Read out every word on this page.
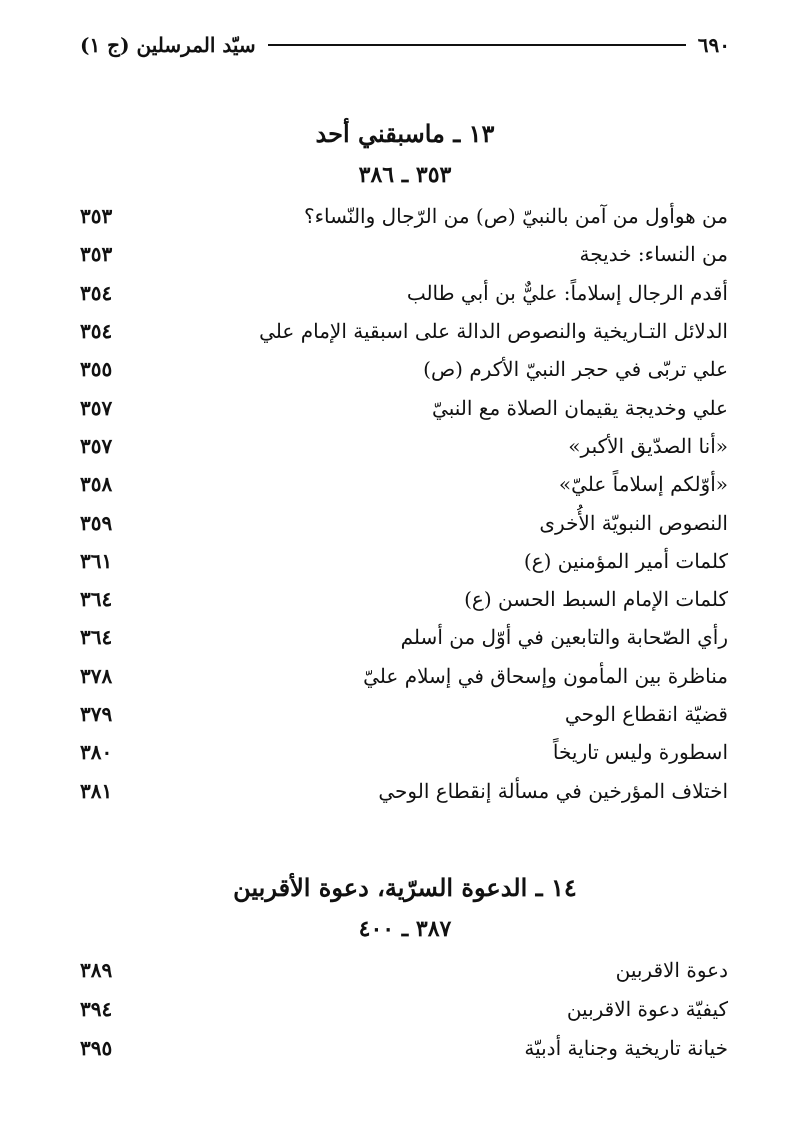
٦٩٠
سيّد المرسلين (ج ١)
١٣ ـ ماسبقني أحد
٣٥٣ ـ ٣٨٦
من هوأول من آمن بالنبيّ (ص) من الرّجال والنّساء؟
٣٥٣
من النساء: خديجة
٣٥٣
أقدم الرجال إسلاماً: عليٌّ بن أبي طالب
٣٥٤
الدلائل التـاريخية والنصوص الدالة على اسبقية الإمام علي
٣٥٤
علي تربّى في حجر النبيّ الأكرم (ص)
٣٥٥
علي وخديجة يقيمان الصلاة مع النبيّ
٣٥٧
«أنا الصدّيق الأكبر»
٣٥٧
«أوّلكم إسلاماً عليّ»
٣٥٨
النصوص النبويّة الأُخرى
٣٥٩
كلمات أمير المؤمنين (ع)
٣٦١
كلمات الإمام السبط الحسن (ع)
٣٦٤
رأي الصّحابة والتابعين في أوّل من أسلم
٣٦٤
مناظرة بين المأمون وإسحاق في إسلام عليّ
٣٧٨
قضيّة انقطاع الوحي
٣٧٩
اسطورة وليس تاريخاً
٣٨٠
اختلاف المؤرخين في مسألة إنقطاع الوحي
٣٨١
١٤ ـ الدعوة السرّية، دعوة الأقربين
٣٨٧ ـ ٤٠٠
دعوة الاقربين
٣٨٩
كيفيّة دعوة الاقربين
٣٩٤
خيانة تاريخية وجناية أدبيّة
٣٩٥
